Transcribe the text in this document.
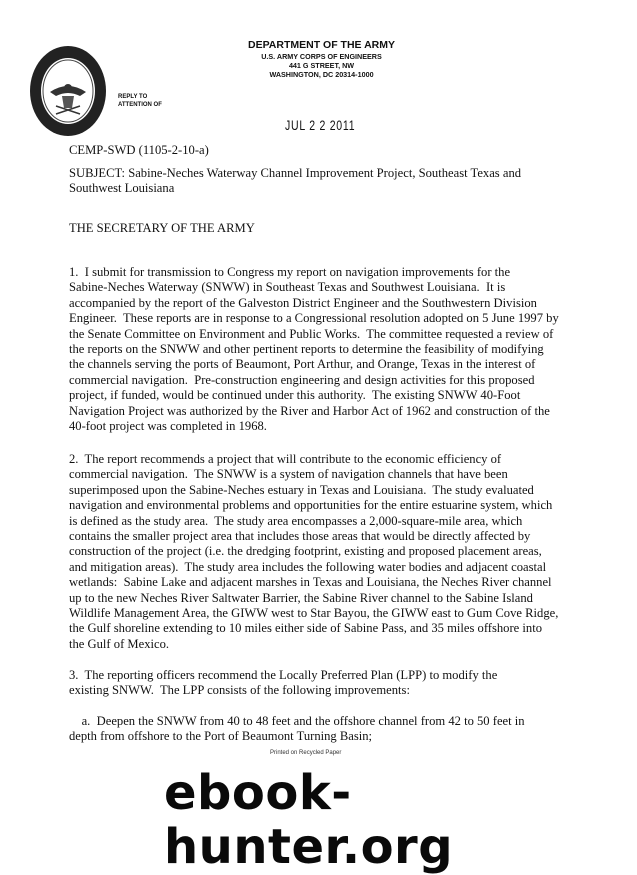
DEPARTMENT OF THE ARMY
U.S. ARMY CORPS OF ENGINEERS
441 G STREET, NW
WASHINGTON, DC 20314-1000
REPLY TO
ATTENTION OF
JUL 2 2 2011
CEMP-SWD (1105-2-10-a)
SUBJECT: Sabine-Neches Waterway Channel Improvement Project, Southeast Texas and
Southwest Louisiana
THE SECRETARY OF THE ARMY
1.  I submit for transmission to Congress my report on navigation improvements for the
Sabine-Neches Waterway (SNWW) in Southeast Texas and Southwest Louisiana.  It is
accompanied by the report of the Galveston District Engineer and the Southwestern Division
Engineer.  These reports are in response to a Congressional resolution adopted on 5 June 1997 by
the Senate Committee on Environment and Public Works.  The committee requested a review of
the reports on the SNWW and other pertinent reports to determine the feasibility of modifying
the channels serving the ports of Beaumont, Port Arthur, and Orange, Texas in the interest of
commercial navigation.  Pre-construction engineering and design activities for this proposed
project, if funded, would be continued under this authority.  The existing SNWW 40-Foot
Navigation Project was authorized by the River and Harbor Act of 1962 and construction of the
40-foot project was completed in 1968.
2.  The report recommends a project that will contribute to the economic efficiency of
commercial navigation.  The SNWW is a system of navigation channels that have been
superimposed upon the Sabine-Neches estuary in Texas and Louisiana.  The study evaluated
navigation and environmental problems and opportunities for the entire estuarine system, which
is defined as the study area.  The study area encompasses a 2,000-square-mile area, which
contains the smaller project area that includes those areas that would be directly affected by
construction of the project (i.e. the dredging footprint, existing and proposed placement areas,
and mitigation areas).  The study area includes the following water bodies and adjacent coastal
wetlands:  Sabine Lake and adjacent marshes in Texas and Louisiana, the Neches River channel
up to the new Neches River Saltwater Barrier, the Sabine River channel to the Sabine Island
Wildlife Management Area, the GIWW west to Star Bayou, the GIWW east to Gum Cove Ridge,
the Gulf shoreline extending to 10 miles either side of Sabine Pass, and 35 miles offshore into
the Gulf of Mexico.
3.  The reporting officers recommend the Locally Preferred Plan (LPP) to modify the
existing SNWW.  The LPP consists of the following improvements:
a.  Deepen the SNWW from 40 to 48 feet and the offshore channel from 42 to 50 feet in
depth from offshore to the Port of Beaumont Turning Basin;
Printed on Recycled Paper
ebook-hunter.org
